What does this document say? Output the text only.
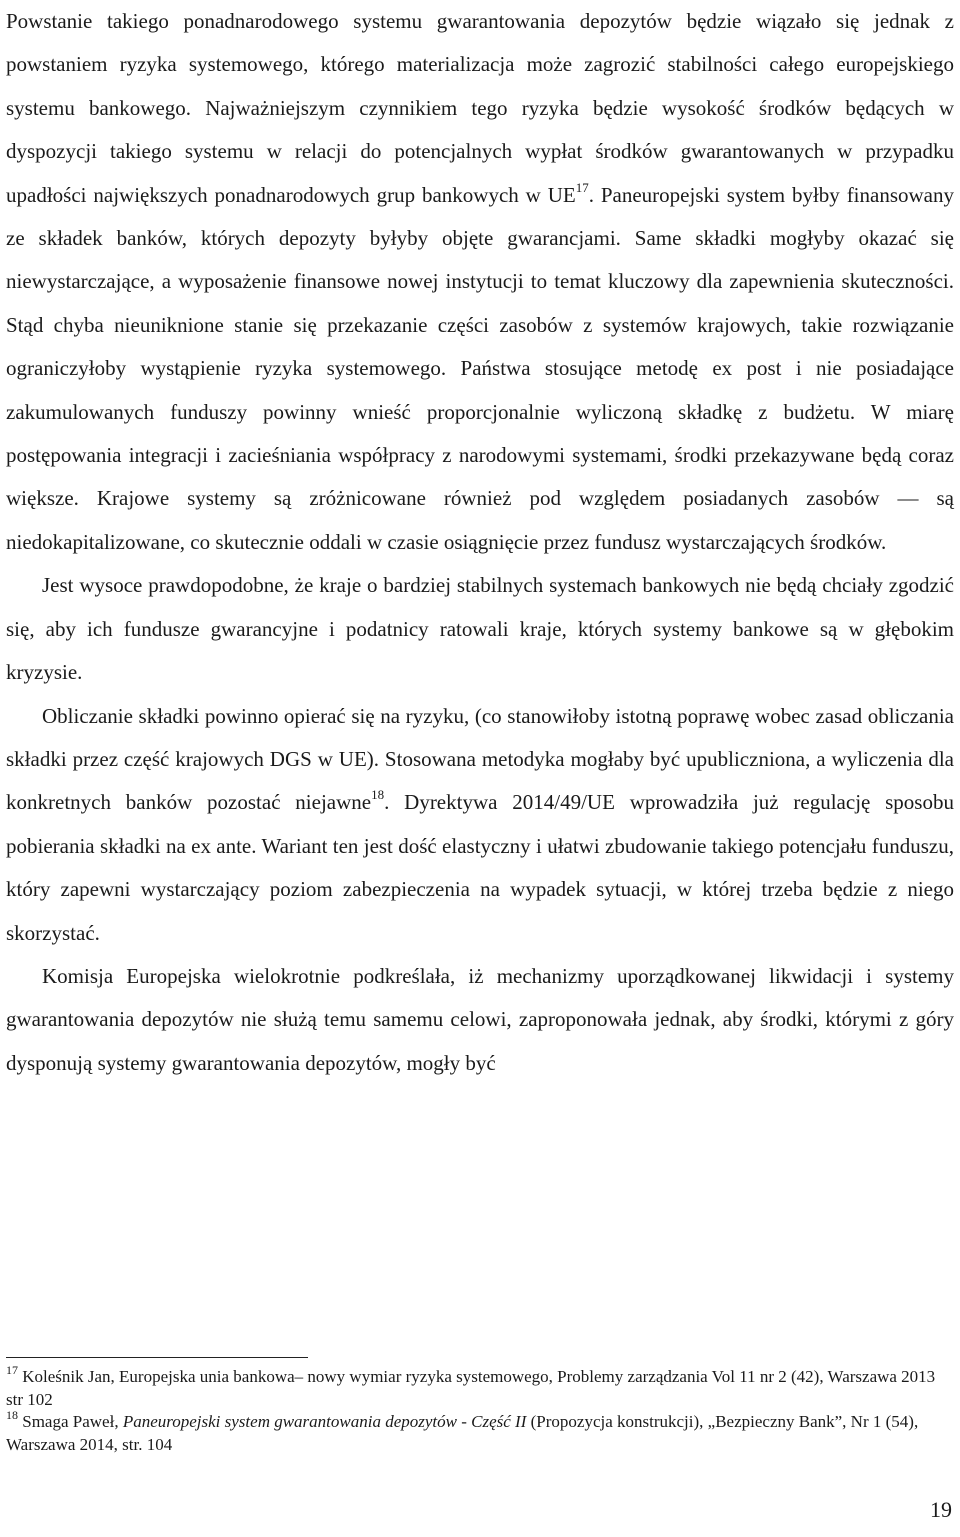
Powstanie takiego ponadnarodowego systemu gwarantowania depozytów będzie wiązało się jednak z powstaniem ryzyka systemowego, którego materializacja może zagrozić stabilności całego europejskiego systemu bankowego. Najważniejszym czynnikiem tego ryzyka będzie wysokość środków będących w dyspozycji takiego systemu w relacji do potencjalnych wypłat środków gwarantowanych w przypadku upadłości największych ponadnarodowych grup bankowych w UE$^{17}$. Paneuropejski system byłby finansowany ze składek banków, których depozyty byłyby objęte gwarancjami. Same składki mogłyby okazać się niewystarczające, a wyposażenie finansowe nowej instytucji to temat kluczowy dla zapewnienia skuteczności. Stąd chyba nieuniknione stanie się przekazanie części zasobów z systemów krajowych, takie rozwiązanie ograniczyłoby wystąpienie ryzyka systemowego. Państwa stosujące metodę ex post i nie posiadające zakumulowanych funduszy powinny wnieść proporcjonalnie wyliczoną składkę z budżetu. W miarę postępowania integracji i zacieśniania współpracy z narodowymi systemami, środki przekazywane będą coraz większe. Krajowe systemy są zróżnicowane również pod względem posiadanych zasobów — są niedokapitalizowane, co skutecznie oddali w czasie osiągnięcie przez fundusz wystarczających środków.

Jest wysoce prawdopodobne, że kraje o bardziej stabilnych systemach bankowych nie będą chciały zgodzić się, aby ich fundusze gwarancyjne i podatnicy ratowali kraje, których systemy bankowe są w głębokim kryzysie.

Obliczanie składki powinno opierać się na ryzyku, (co stanowiłoby istotną poprawę wobec zasad obliczania składki przez część krajowych DGS w UE). Stosowana metodyka mogłaby być upubliczniona, a wyliczenia dla konkretnych banków pozostać niejawne$^{18}$. Dyrektywa 2014/49/UE wprowadziła już regulację sposobu pobierania składki na ex ante. Wariant ten jest dość elastyczny i ułatwi zbudowanie takiego potencjału funduszu, który zapewni wystarczający poziom zabezpieczenia na wypadek sytuacji, w której trzeba będzie z niego skorzystać.

Komisja Europejska wielokrotnie podkreślała, iż mechanizmy uporządkowanej likwidacji i systemy gwarantowania depozytów nie służą temu samemu celowi, zaproponowała jednak, aby środki, którymi z góry dysponują systemy gwarantowania depozytów, mogły być

$^{17}$ Koleśnik Jan, Europejska unia bankowa– nowy wymiar ryzyka systemowego, Problemy zarządzania Vol 11 nr 2 (42), Warszawa 2013 str 102

$^{18}$ Smaga Paweł, Paneuropejski system gwarantowania depozytów - Część II (Propozycja konstrukcji), „Bezpieczny Bank”, Nr 1 (54), Warszawa 2014, str. 104

19
